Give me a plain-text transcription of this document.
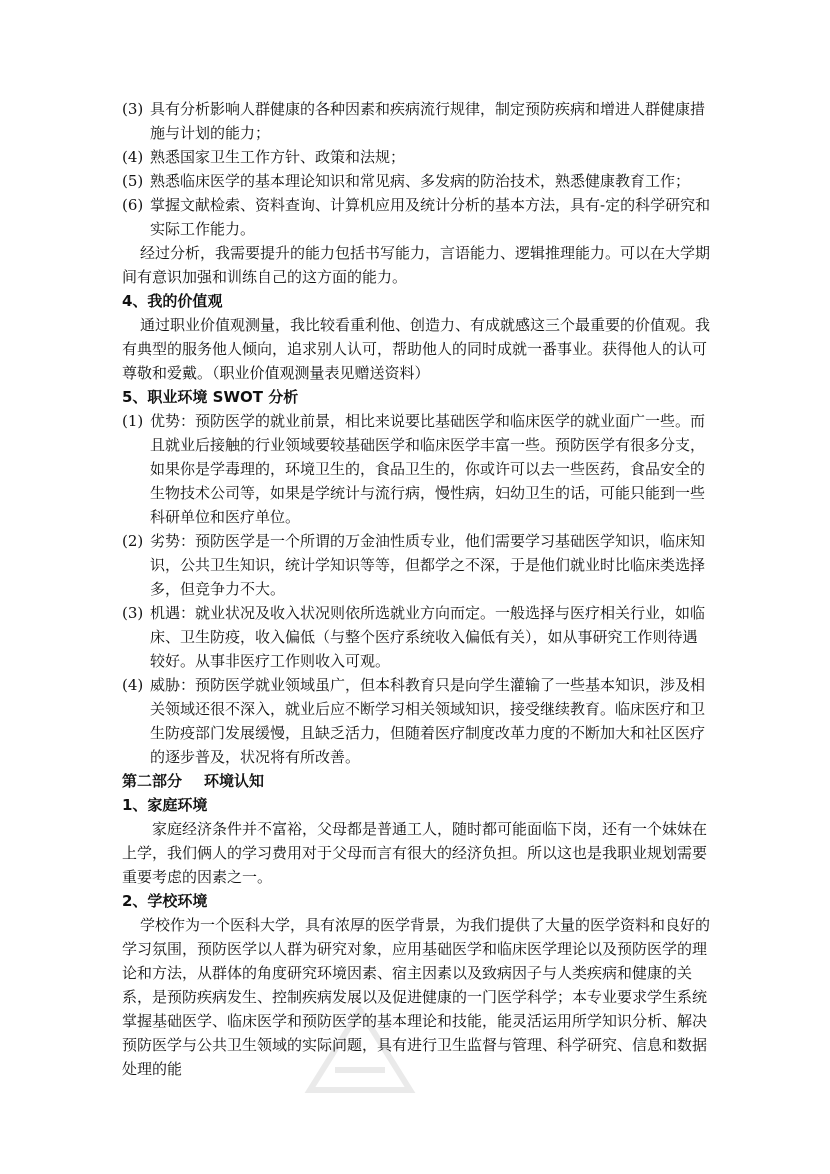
(3) 具有分析影响人群健康的各种因素和疾病流行规律，制定预防疾病和增进人群健康措施与计划的能力；
(4) 熟悉国家卫生工作方针、政策和法规；
(5) 熟悉临床医学的基本理论知识和常见病、多发病的防治技术，熟悉健康教育工作；
(6) 掌握文献检索、资料查询、计算机应用及统计分析的基本方法，具有-定的科学研究和实际工作能力。
经过分析，我需要提升的能力包括书写能力，言语能力、逻辑推理能力。可以在大学期间有意识加强和训练自己的这方面的能力。
4、我的价值观
通过职业价值观测量，我比较看重利他、创造力、有成就感这三个最重要的价值观。我有典型的服务他人倾向，追求别人认可，帮助他人的同时成就一番事业。获得他人的认可尊敬和爱戴。（职业价值观测量表见赠送资料）
5、职业环境 SWOT 分析
(1) 优势：预防医学的就业前景，相比来说要比基础医学和临床医学的就业面广一些。而且就业后接触的行业领域要较基础医学和临床医学丰富一些。预防医学有很多分支，如果你是学毒理的，环境卫生的，食品卫生的，你或许可以去一些医药，食品安全的生物技术公司等，如果是学统计与流行病，慢性病，妇幼卫生的话，可能只能到一些科研单位和医疗单位。
(2) 劣势：预防医学是一个所谓的万金油性质专业，他们需要学习基础医学知识，临床知识，公共卫生知识，统计学知识等等，但都学之不深，于是他们就业时比临床类选择多，但竞争力不大。
(3) 机遇：就业状况及收入状况则依所选就业方向而定。一般选择与医疗相关行业，如临床、卫生防疫，收入偏低（与整个医疗系统收入偏低有关），如从事研究工作则待遇较好。从事非医疗工作则收入可观。
(4) 威胁：预防医学就业领域虽广，但本科教育只是向学生灌输了一些基本知识，涉及相关领域还很不深入，就业后应不断学习相关领域知识，接受继续教育。临床医疗和卫生防疫部门发展缓慢，且缺乏活力，但随着医疗制度改革力度的不断加大和社区医疗的逐步普及，状况将有所改善。
第二部分 环境认知
1、家庭环境
家庭经济条件并不富裕，父母都是普通工人，随时都可能面临下岗，还有一个妹妹在上学，我们俩人的学习费用对于父母而言有很大的经济负担。所以这也是我职业规划需要重要考虑的因素之一。
2、学校环境
学校作为一个医科大学，具有浓厚的医学背景，为我们提供了大量的医学资料和良好的学习氛围，预防医学以人群为研究对象，应用基础医学和临床医学理论以及预防医学的理论和方法，从群体的角度研究环境因素、宿主因素以及致病因子与人类疾病和健康的关系，是预防疾病发生、控制疾病发展以及促进健康的一门医学科学；本专业要求学生系统掌握基础医学、临床医学和预防医学的基本理论和技能，能灵活运用所学知识分析、解决预防医学与公共卫生领域的实际问题，具有进行卫生监督与管理、科学研究、信息和数据处理的能
